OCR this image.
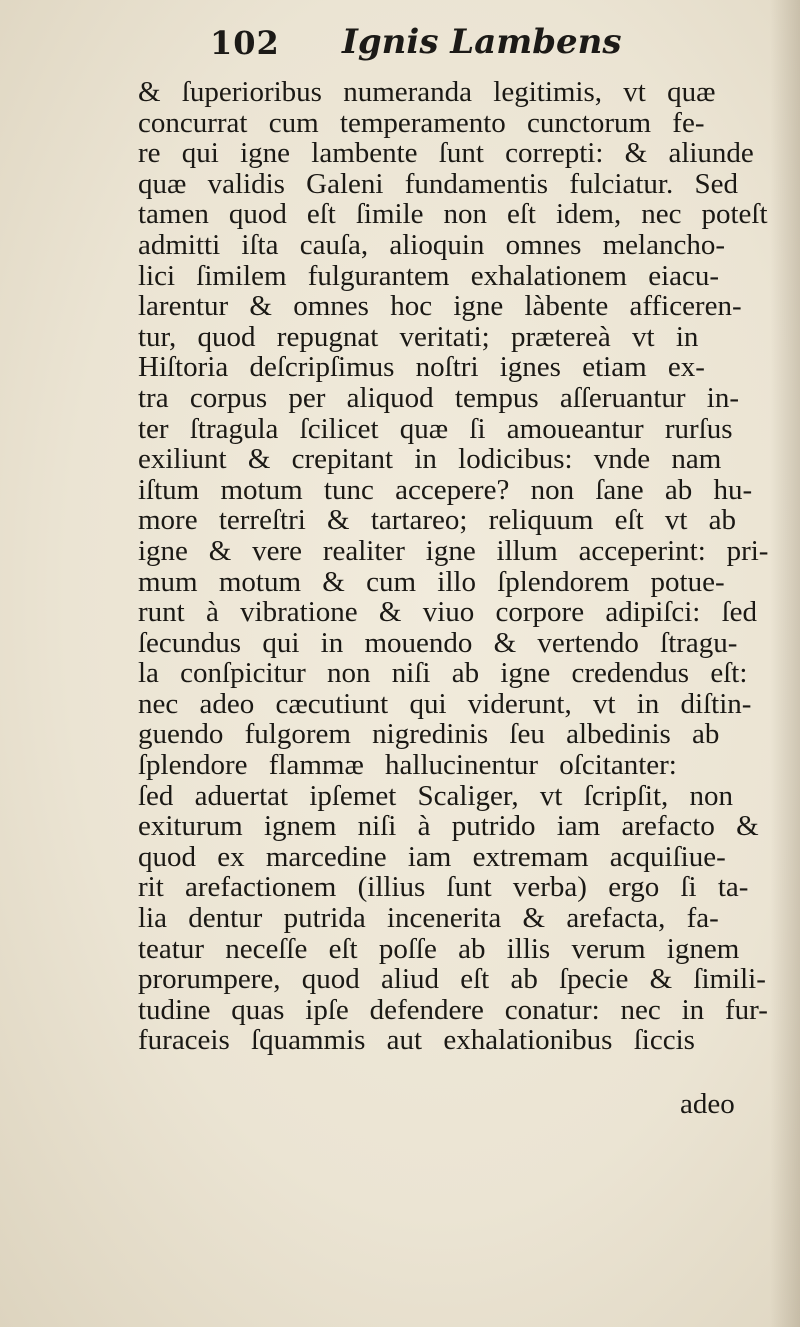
102 Ignis Lambens
& ſuperioribus numeranda legitimis, vt quæ
concurrat cum temperamento cunctorum fe-
re qui igne lambente ſunt correpti: & aliunde
quæ validis Galeni fundamentis fulciatur. Sed
tamen quod eſt ſimile non eſt idem, nec poteſt
admitti iſta cauſa, alioquin omnes melancho-
lici ſimilem fulgurantem exhalationem eiacu-
larentur & omnes hoc igne làbente afficeren-
tur, quod repugnat veritati; prætereà vt in
Hiſtoria deſcripſimus noſtri ignes etiam ex-
tra corpus per aliquod tempus aſſeruantur in-
ter ſtragula ſcilicet quæ ſi amoueantur rurſus
exiliunt & crepitant in lodicibus: vnde nam
iſtum motum tunc accepere? non ſane ab hu-
more terreſtri & tartareo; reliquum eſt vt ab
igne & vere realiter igne illum acceperint: pri-
mum motum & cum illo ſplendorem potue-
runt à vibratione & viuo corpore adipiſci: ſed
ſecundus qui in mouendo & vertendo ſtragu-
la conſpicitur non niſi ab igne credendus eſt:
nec adeo cæcutiunt qui viderunt, vt in diſtin-
guendo fulgorem nigredinis ſeu albedinis ab
ſplendore flammæ hallucinentur oſcitanter:
ſed aduertat ipſemet Scaliger, vt ſcripſit, non
exiturum ignem niſi à putrido iam arefacto &
quod ex marcedine iam extremam acquiſiue-
rit arefactionem (illius ſunt verba) ergo ſi ta-
lia dentur putrida incenerita & arefacta, fa-
teatur neceſſe eſt poſſe ab illis verum ignem
prorumpere, quod aliud eſt ab ſpecie & ſimili-
tudine quas ipſe defendere conatur: nec in fur-
furaceis ſquammis aut exhalationibus ſiccis
adeo
